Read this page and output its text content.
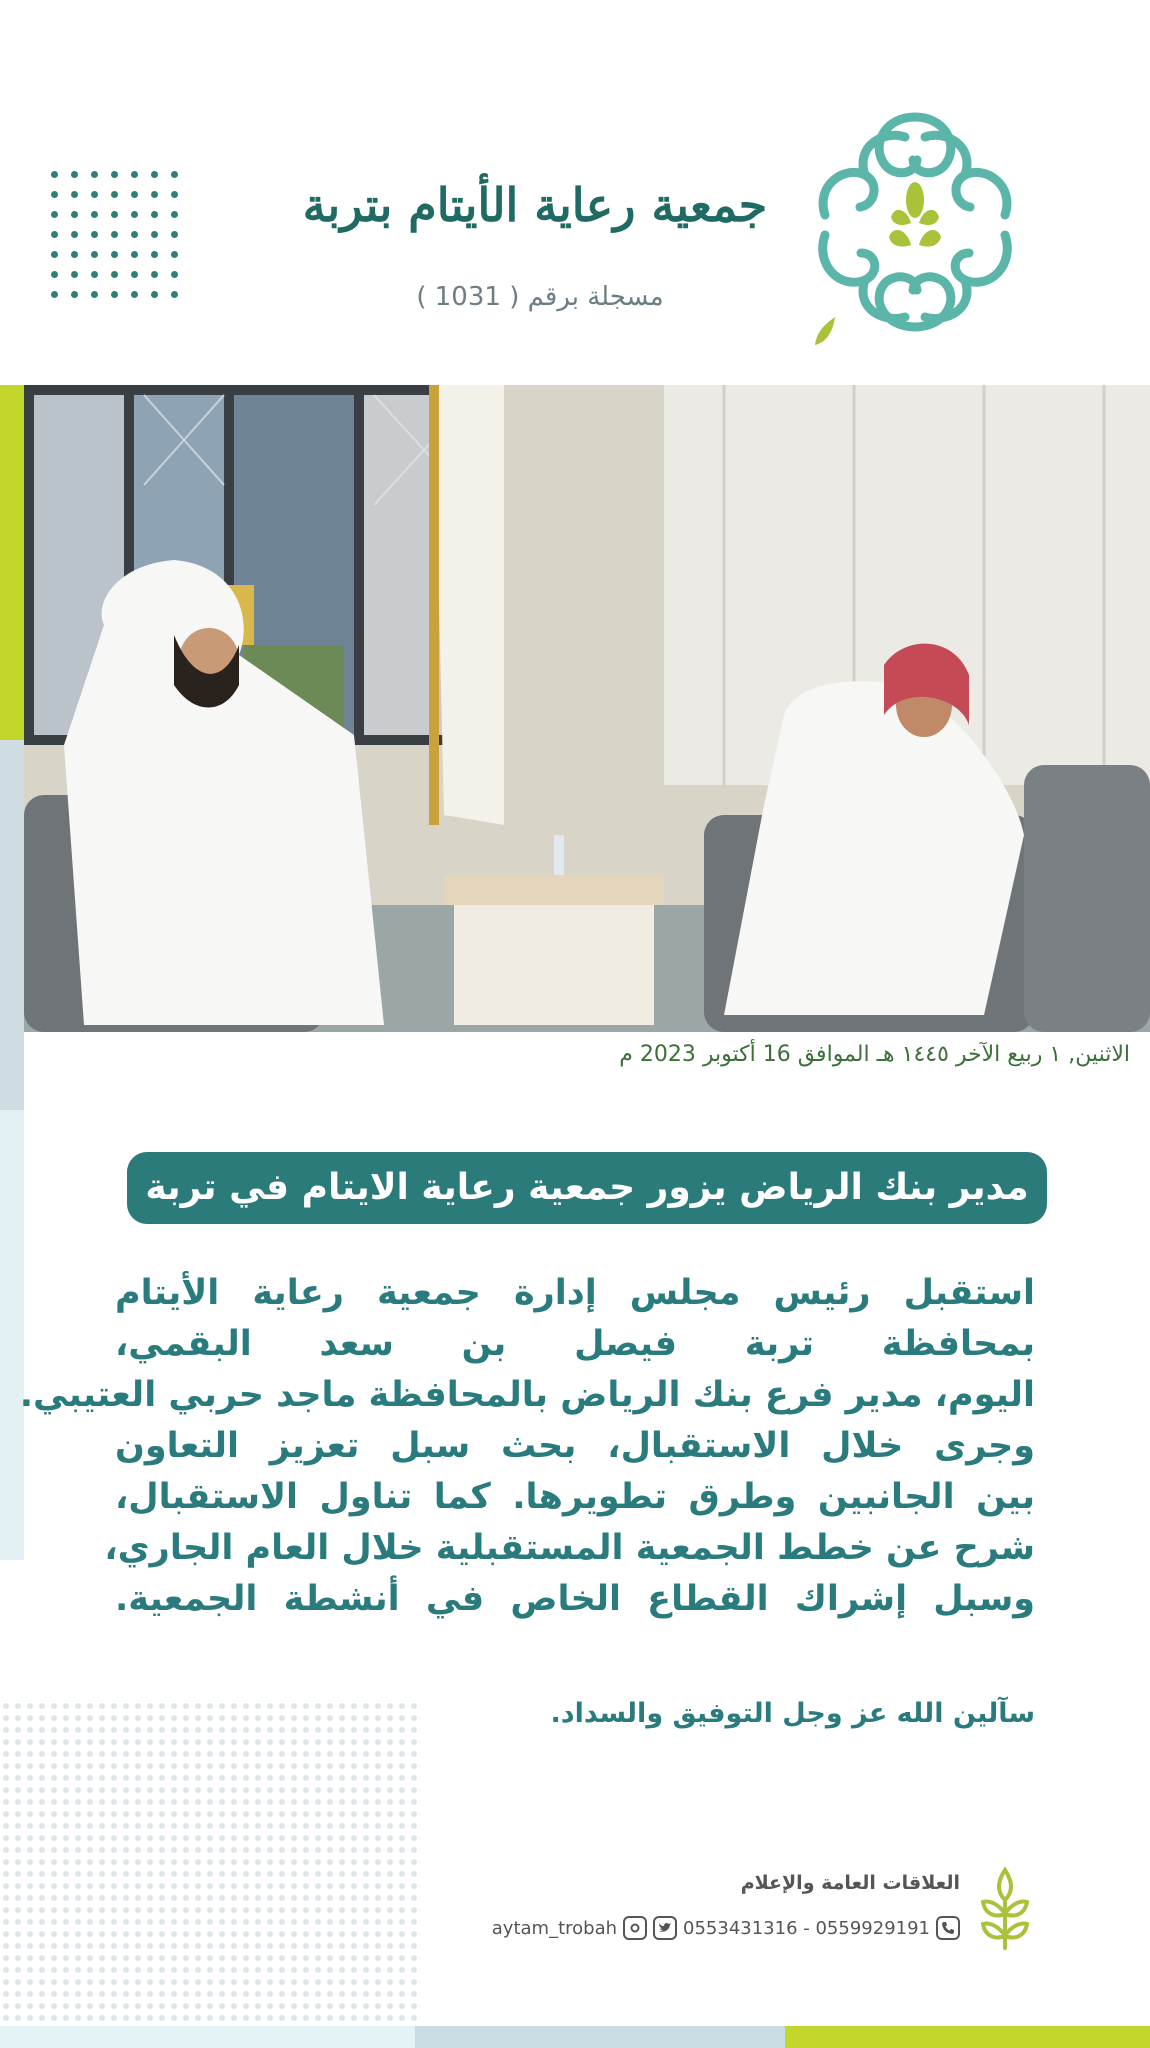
جمعية رعاية الأيتام بتربة
مسجلة برقم ( 1031 )
الاثنين, ١ ربيع الآخر ١٤٤٥ هـ الموافق 16 أكتوبر 2023 م
مدير بنك الرياض يزور جمعية رعاية الايتام في تربة
استقبل رئيس مجلس إدارة جمعية رعاية الأيتام
بمحافظة تربة فيصل بن سعد البقمي،
اليوم، مدير فرع بنك الرياض بالمحافظة ماجد حربي العتيبي.
وجرى خلال الاستقبال، بحث سبل تعزيز التعاون
بين الجانبين وطرق تطويرها. كما تناول الاستقبال،
شرح عن خطط الجمعية المستقبلية خلال العام الجاري،
وسبل إشراك القطاع الخاص في أنشطة الجمعية.
سآلين الله عز وجل التوفيق والسداد.
العلاقات العامة والإعلام
aytam_trobah	0553431316 - 0559929191
